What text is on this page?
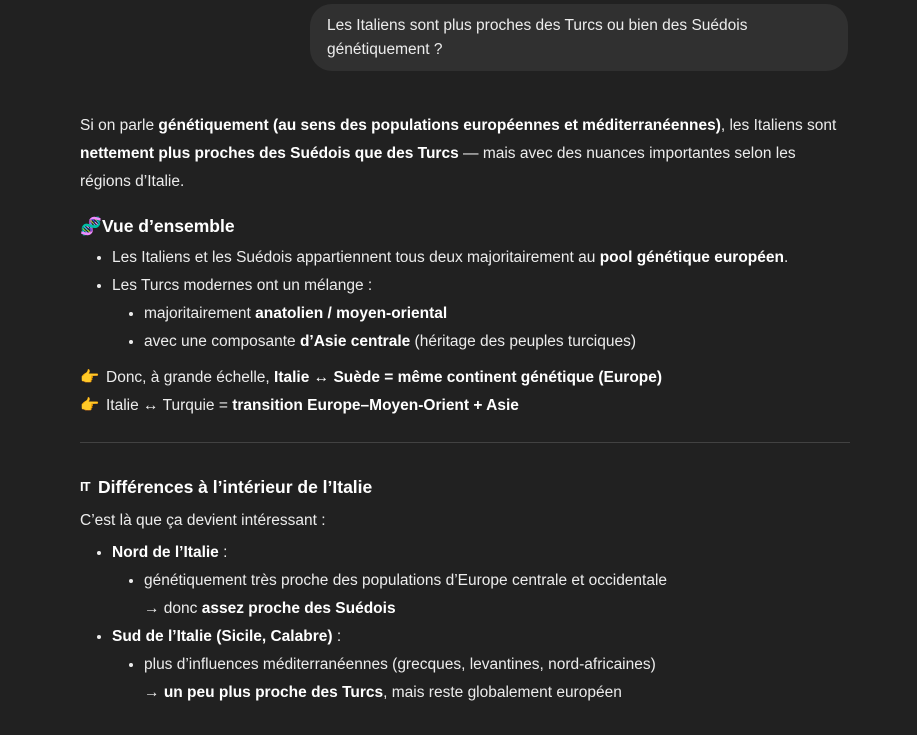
Les Italiens sont plus proches des Turcs ou bien des Suédois génétiquement ?

Si on parle génétiquement (au sens des populations européennes et méditerranéennes), les Italiens sont nettement plus proches des Suédois que des Turcs — mais avec des nuances importantes selon les régions d’Italie.

🧬 Vue d’ensemble
• Les Italiens et les Suédois appartiennent tous deux majoritairement au pool génétique européen.
• Les Turcs modernes ont un mélange :
• majoritairement anatolien / moyen-oriental
• avec une composante d’Asie centrale (héritage des peuples turciques)
👉 Donc, à grande échelle,
Italie ↔ Suède = même continent génétique (Europe)
👉 Italie ↔ Turquie =
transition Europe–Moyen-Orient + Asie
IT Différences à l’intérieur de l’Italie

C’est là que ça devient intéressant :

• Nord de l’Italie :
• génétiquement très proche des populations d’Europe centrale et occidentale
→ donc assez proche des Suédois
• Sud de l’Italie (Sicile, Calabre) :
• plus d’influences méditerranéennes (grecques, levantines, nord-africaines)
→ un peu plus proche des Turcs, mais reste globalement européen
